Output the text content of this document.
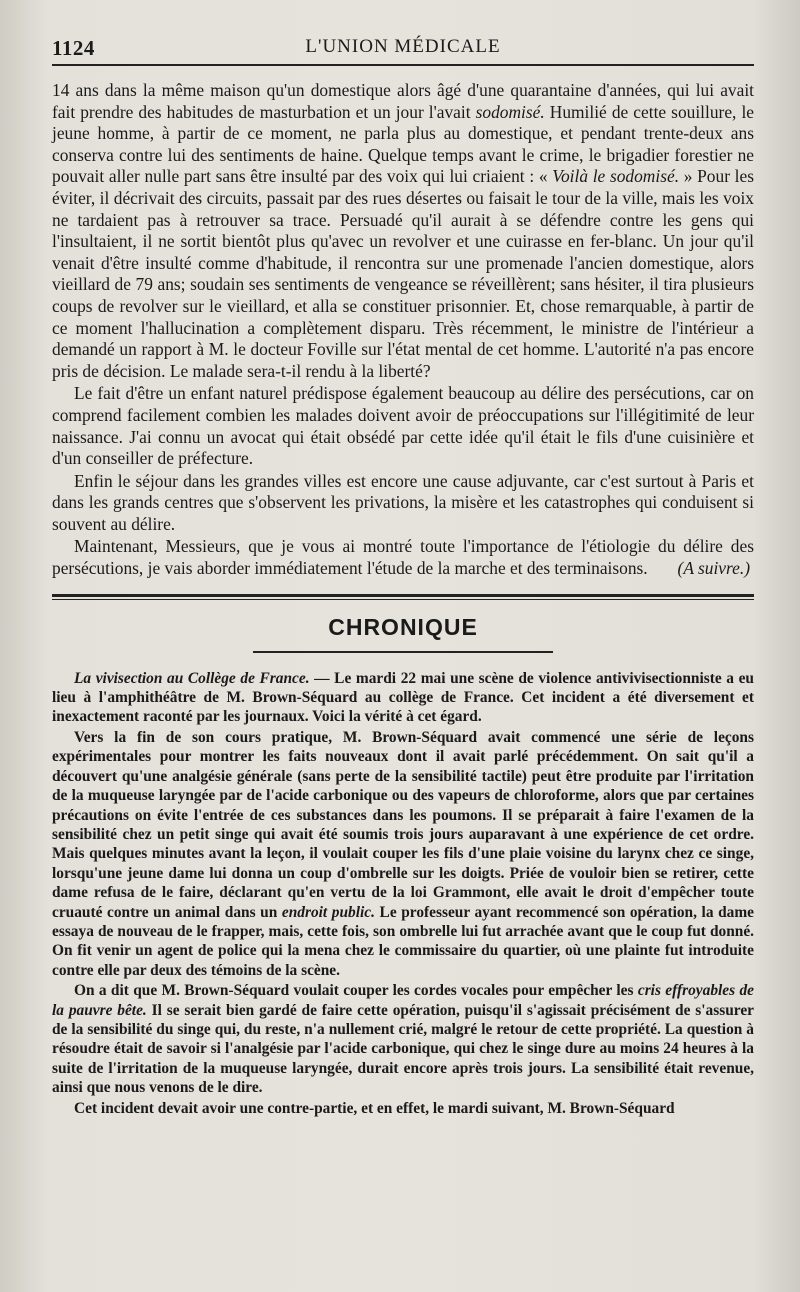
1124	L'UNION MÉDICALE

14 ans dans la même maison qu'un domestique alors âgé d'une quarantaine d'années, qui lui avait fait prendre des habitudes de masturbation et un jour l'avait sodomisé. Humilié de cette souillure, le jeune homme, à partir de ce moment, ne parla plus au domestique, et pendant trente-deux ans conserva contre lui des sentiments de haine. Quelque temps avant le crime, le brigadier forestier ne pouvait aller nulle part sans être insulté par des voix qui lui criaient : « Voilà le sodomisé. » Pour les éviter, il décrivait des circuits, passait par des rues désertes ou faisait le tour de la ville, mais les voix ne tardaient pas à retrouver sa trace. Persuadé qu'il aurait à se défendre contre les gens qui l'insultaient, il ne sortit bientôt plus qu'avec un revolver et une cuirasse en fer-blanc. Un jour qu'il venait d'être insulté comme d'habitude, il rencontra sur une promenade l'ancien domestique, alors vieillard de 79 ans; soudain ses sentiments de vengeance se réveillèrent; sans hésiter, il tira plusieurs coups de revolver sur le vieillard, et alla se constituer prisonnier. Et, chose remarquable, à partir de ce moment l'hallucination a complètement disparu. Très récemment, le ministre de l'intérieur a demandé un rapport à M. le docteur Foville sur l'état mental de cet homme. L'autorité n'a pas encore pris de décision. Le malade sera-t-il rendu à la liberté?

Le fait d'être un enfant naturel prédispose également beaucoup au délire des persécutions, car on comprend facilement combien les malades doivent avoir de préoccupations sur l'illégitimité de leur naissance. J'ai connu un avocat qui était obsédé par cette idée qu'il était le fils d'une cuisinière et d'un conseiller de préfecture.

Enfin le séjour dans les grandes villes est encore une cause adjuvante, car c'est surtout à Paris et dans les grands centres que s'observent les privations, la misère et les catastrophes qui conduisent si souvent au délire.

Maintenant, Messieurs, que je vous ai montré toute l'importance de l'étiologie du délire des persécutions, je vais aborder immédiatement l'étude de la marche et des terminaisons.	(A suivre.)

CHRONIQUE

La vivisection au Collège de France. — Le mardi 22 mai une scène de violence antivivisectionniste a eu lieu à l'amphithéâtre de M. Brown-Séquard au collège de France. Cet incident a été diversement et inexactement raconté par les journaux. Voici la vérité à cet égard.

Vers la fin de son cours pratique, M. Brown-Séquard avait commencé une série de leçons expérimentales pour montrer les faits nouveaux dont il avait parlé précédemment. On sait qu'il a découvert qu'une analgésie générale (sans perte de la sensibilité tactile) peut être produite par l'irritation de la muqueuse laryngée par de l'acide carbonique ou des vapeurs de chloroforme, alors que par certaines précautions on évite l'entrée de ces substances dans les poumons. Il se préparait à faire l'examen de la sensibilité chez un petit singe qui avait été soumis trois jours auparavant à une expérience de cet ordre. Mais quelques minutes avant la leçon, il voulait couper les fils d'une plaie voisine du larynx chez ce singe, lorsqu'une jeune dame lui donna un coup d'ombrelle sur les doigts. Priée de vouloir bien se retirer, cette dame refusa de le faire, déclarant qu'en vertu de la loi Grammont, elle avait le droit d'empêcher toute cruauté contre un animal dans un endroit public. Le professeur ayant recommencé son opération, la dame essaya de nouveau de le frapper, mais, cette fois, son ombrelle lui fut arrachée avant que le coup fut donné. On fit venir un agent de police qui la mena chez le commissaire du quartier, où une plainte fut introduite contre elle par deux des témoins de la scène.

On a dit que M. Brown-Séquard voulait couper les cordes vocales pour empêcher les cris effroyables de la pauvre bête. Il se serait bien gardé de faire cette opération, puisqu'il s'agissait précisément de s'assurer de la sensibilité du singe qui, du reste, n'a nullement crié, malgré le retour de cette propriété. La question à résoudre était de savoir si l'analgésie par l'acide carbonique, qui chez le singe dure au moins 24 heures à la suite de l'irritation de la muqueuse laryngée, durait encore après trois jours. La sensibilité était revenue, ainsi que nous venons de le dire.

Cet incident devait avoir une contre-partie, et en effet, le mardi suivant, M. Brown-Séquard
